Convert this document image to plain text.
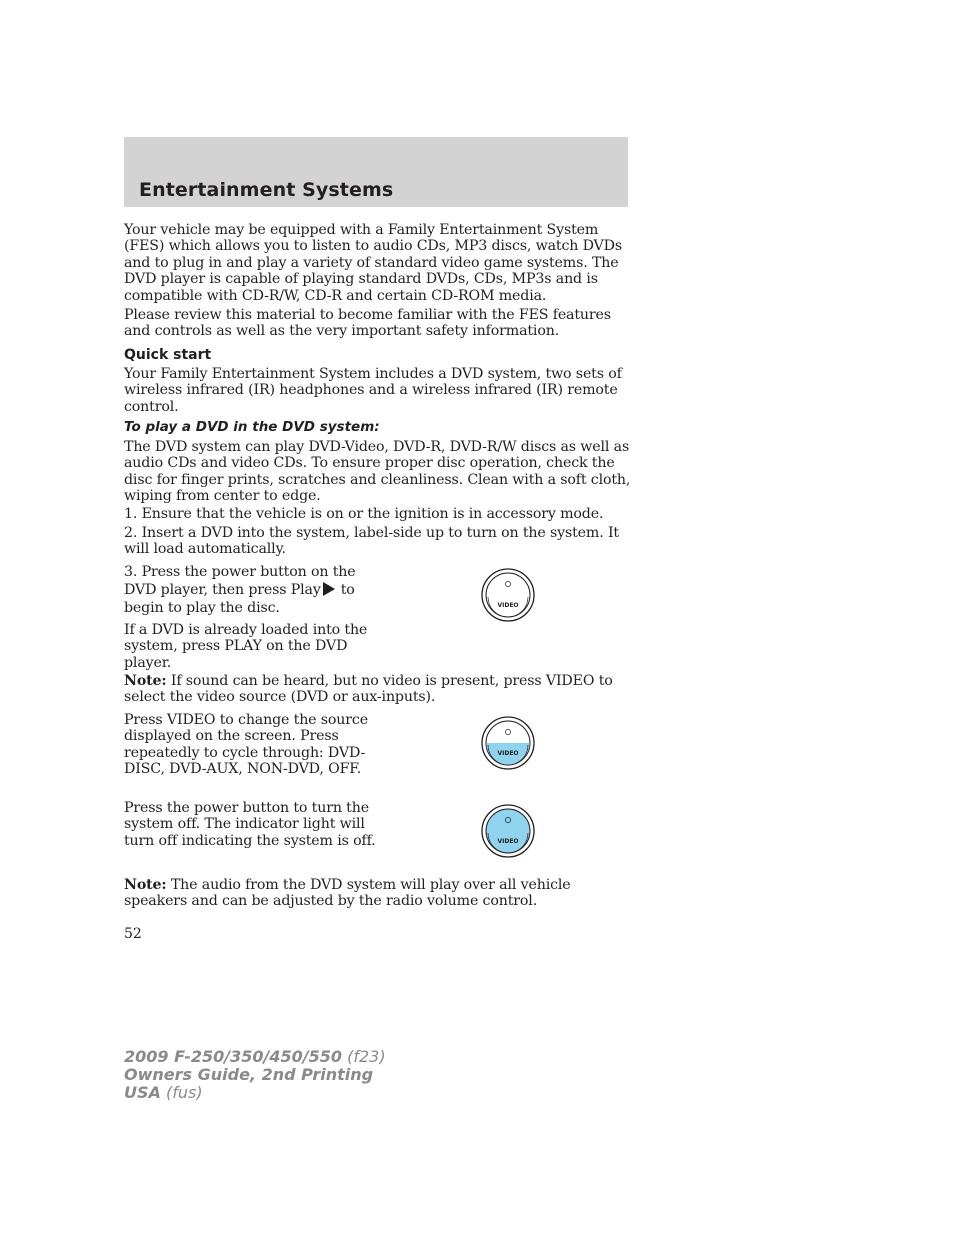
Entertainment Systems

Your vehicle may be equipped with a Family Entertainment System (FES) which allows you to listen to audio CDs, MP3 discs, watch DVDs and to plug in and play a variety of standard video game systems. The DVD player is capable of playing standard DVDs, CDs, MP3s and is compatible with CD-R/W, CD-R and certain CD-ROM media.

Please review this material to become familiar with the FES features and controls as well as the very important safety information.

Quick start

Your Family Entertainment System includes a DVD system, two sets of wireless infrared (IR) headphones and a wireless infrared (IR) remote control.

To play a DVD in the DVD system:

The DVD system can play DVD-Video, DVD-R, DVD-R/W discs as well as audio CDs and video CDs. To ensure proper disc operation, check the disc for finger prints, scratches and cleanliness. Clean with a soft cloth, wiping from center to edge.

1. Ensure that the vehicle is on or the ignition is in accessory mode.

2. Insert a DVD into the system, label-side up to turn on the system. It will load automatically.

3. Press the power button on the DVD player, then press Play to begin to play the disc.

If a DVD is already loaded into the system, press PLAY on the DVD player.

Note: If sound can be heard, but no video is present, press VIDEO to select the video source (DVD or aux-inputs).

Press VIDEO to change the source displayed on the screen. Press repeatedly to cycle through: DVD-DISC, DVD-AUX, NON-DVD, OFF.

Press the power button to turn the system off. The indicator light will turn off indicating the system is off.

Note: The audio from the DVD system will play over all vehicle speakers and can be adjusted by the radio volume control.

VIDEO
VIDEO
VIDEO

52

2009 F-250/350/450/550 (f23)
Owners Guide, 2nd Printing
USA (fus)
